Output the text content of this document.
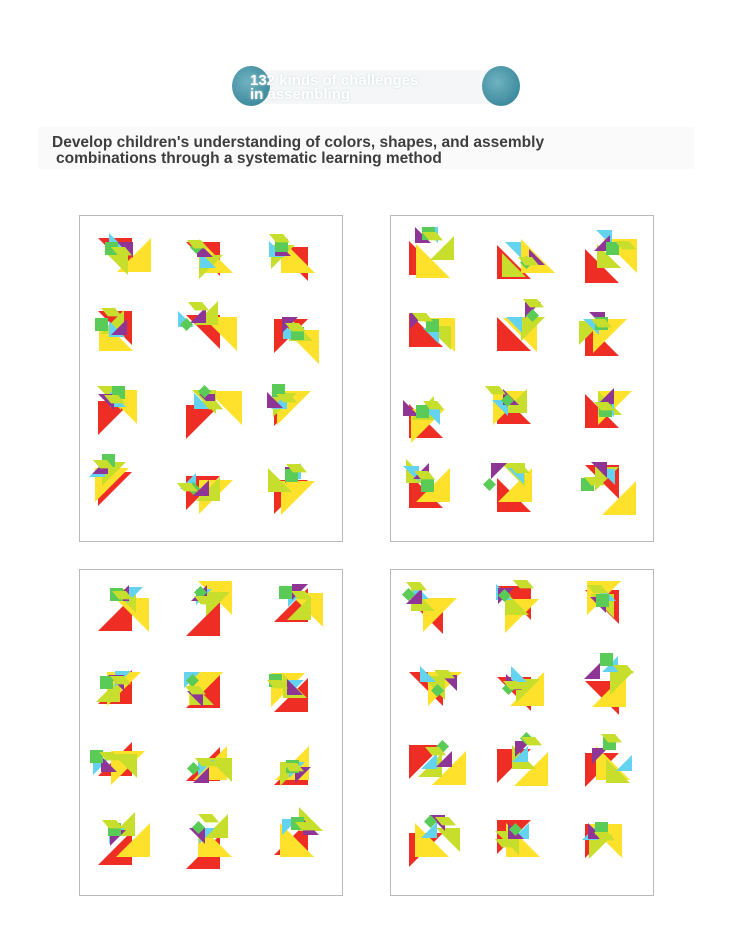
132 kinds of challenges
in assembling
Develop children's understanding of colors, shapes, and assembly
combinations through a systematic learning method
